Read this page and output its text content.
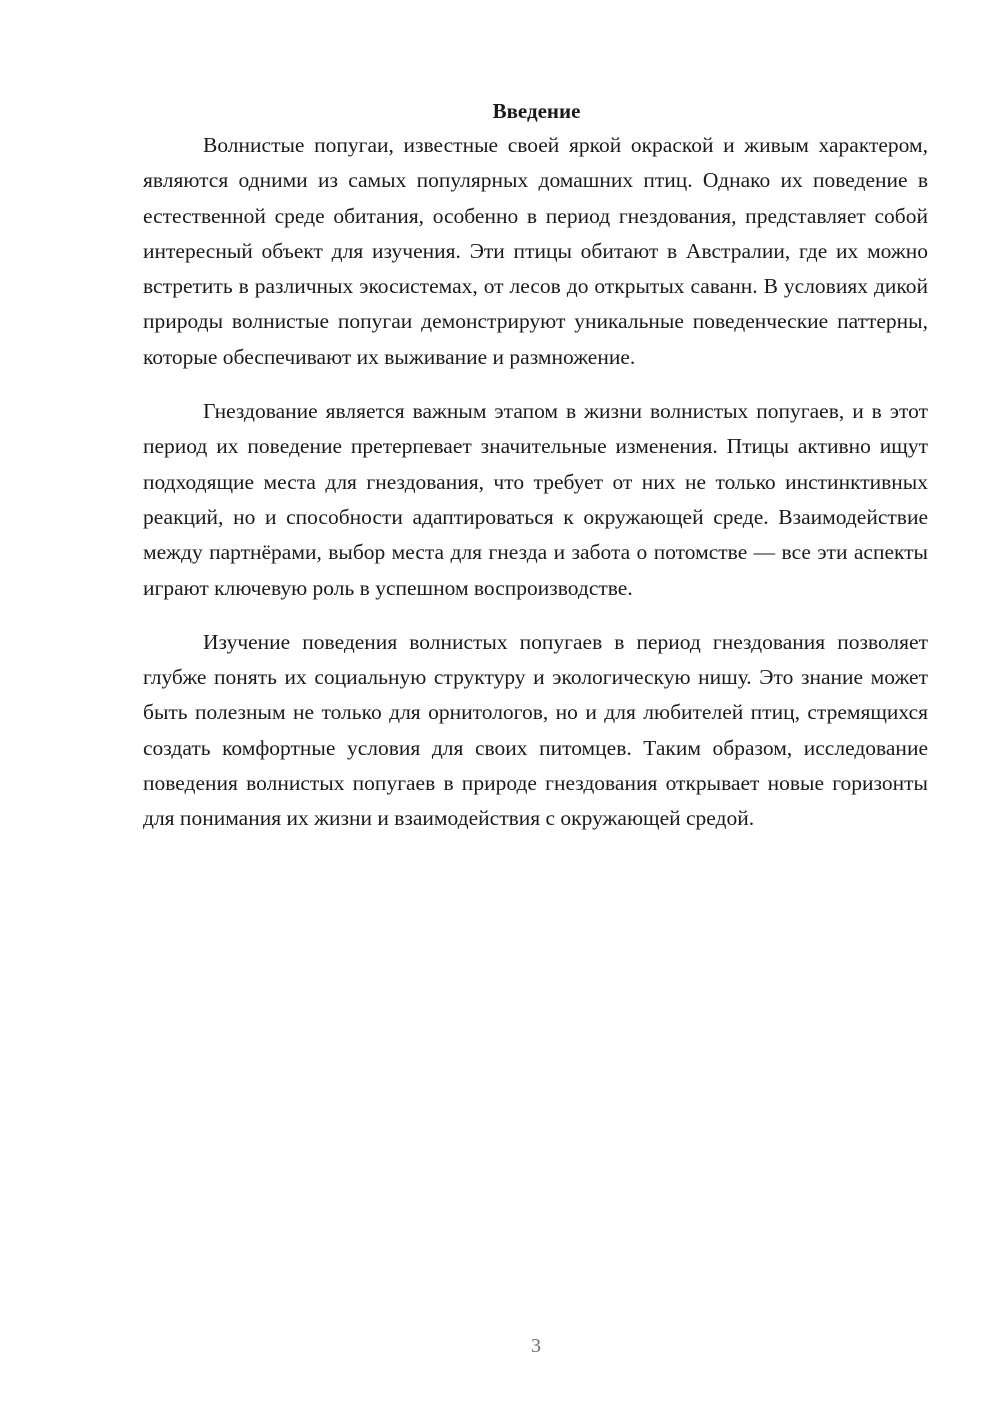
Введение

Волнистые попугаи, известные своей яркой окраской и живым характером, являются одними из самых популярных домашних птиц. Однако их поведение в естественной среде обитания, особенно в период гнездования, представляет собой интересный объект для изучения. Эти птицы обитают в Австралии, где их можно встретить в различных экосистемах, от лесов до открытых саванн. В условиях дикой природы волнистые попугаи демонстрируют уникальные поведенческие паттерны, которые обеспечивают их выживание и размножение.

Гнездование является важным этапом в жизни волнистых попугаев, и в этот период их поведение претерпевает значительные изменения. Птицы активно ищут подходящие места для гнездования, что требует от них не только инстинктивных реакций, но и способности адаптироваться к окружающей среде. Взаимодействие между партнёрами, выбор места для гнезда и забота о потомстве — все эти аспекты играют ключевую роль в успешном воспроизводстве.

Изучение поведения волнистых попугаев в период гнездования позволяет глубже понять их социальную структуру и экологическую нишу. Это знание может быть полезным не только для орнитологов, но и для любителей птиц, стремящихся создать комфортные условия для своих питомцев. Таким образом, исследование поведения волнистых попугаев в природе гнездования открывает новые горизонты для понимания их жизни и взаимодействия с окружающей средой.

3
